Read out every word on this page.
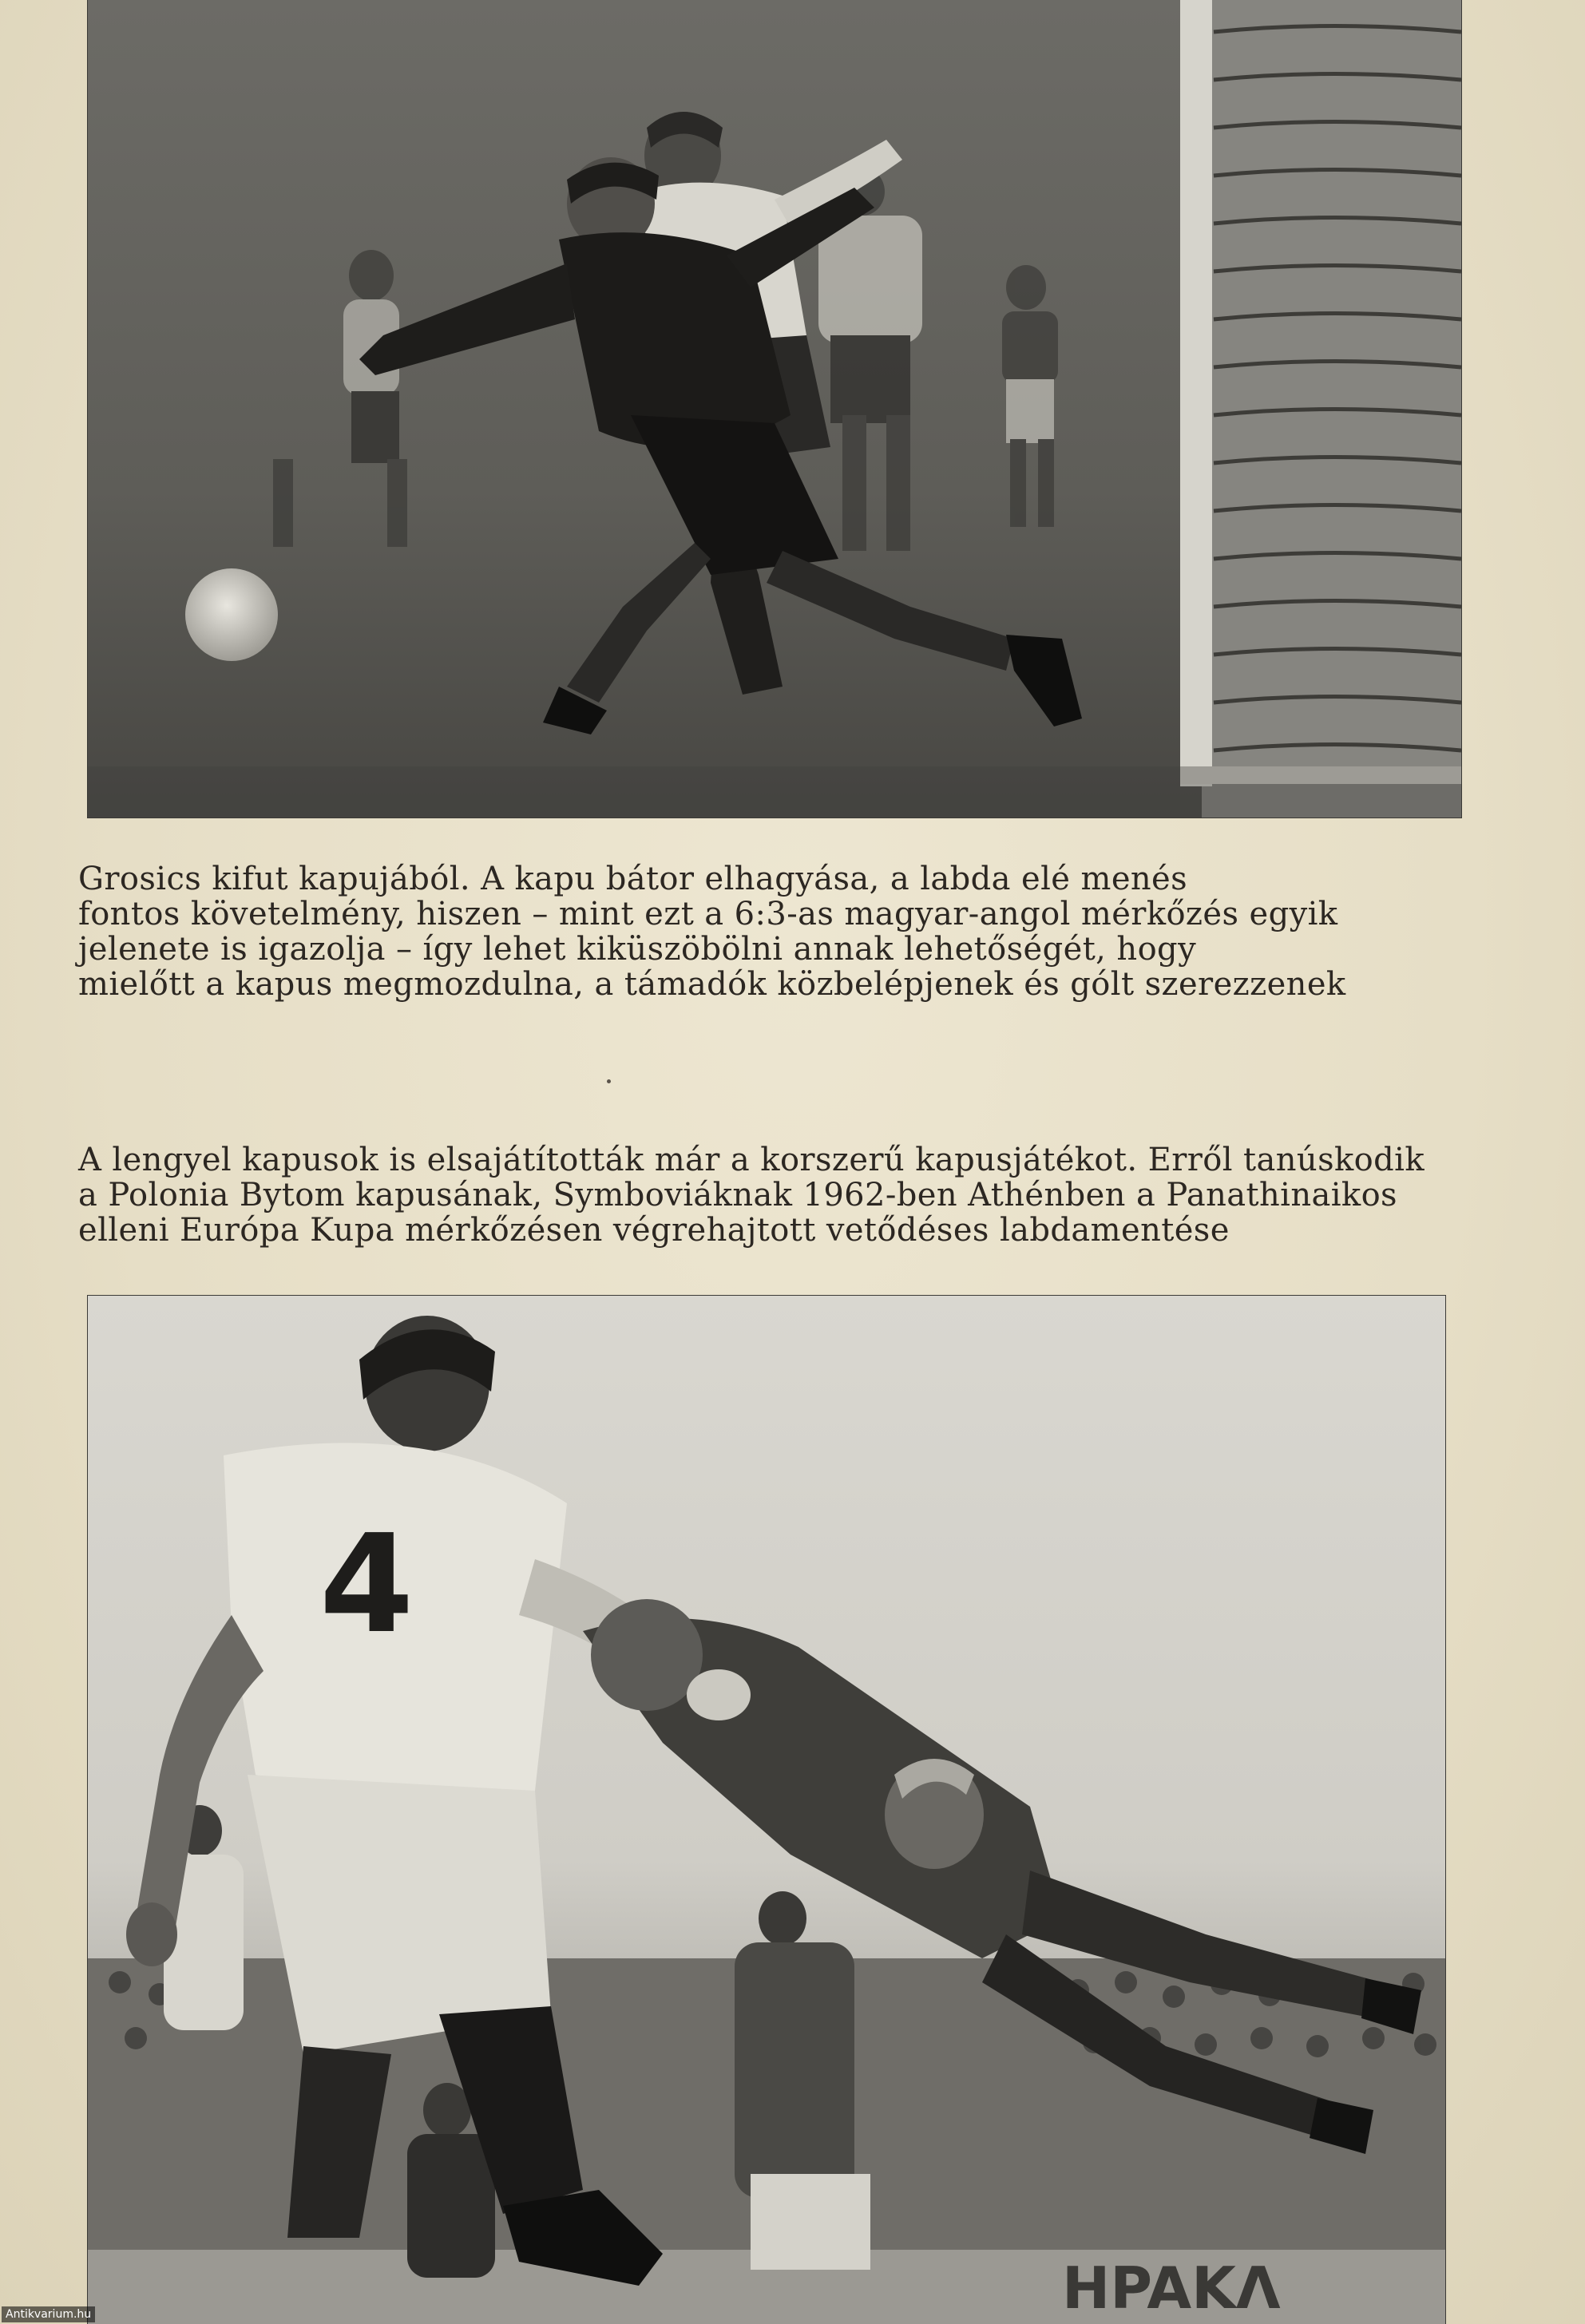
Grosics kifut kapujából. A kapu bátor elhagyása, a labda elé menés

fontos követelmény, hiszen – mint ezt a 6:3-as magyar-angol mérkőzés egyik

jelenete is igazolja – így lehet kiküszöbölni annak lehetőségét, hogy

mielőtt a kapus megmozdulna, a támadók közbelépjenek és gólt szerezzenek

A lengyel kapusok is elsajátították már a korszerű kapusjátékot. Erről tanúskodik

a Polonia Bytom kapusának, Symboviáknak 1962-ben Athénben a Panathinaikos

elleni Európa Kupa mérkőzésen végrehajtott vetődéses labdamentése

HPAKΛ
4
Antikvarium.hu
